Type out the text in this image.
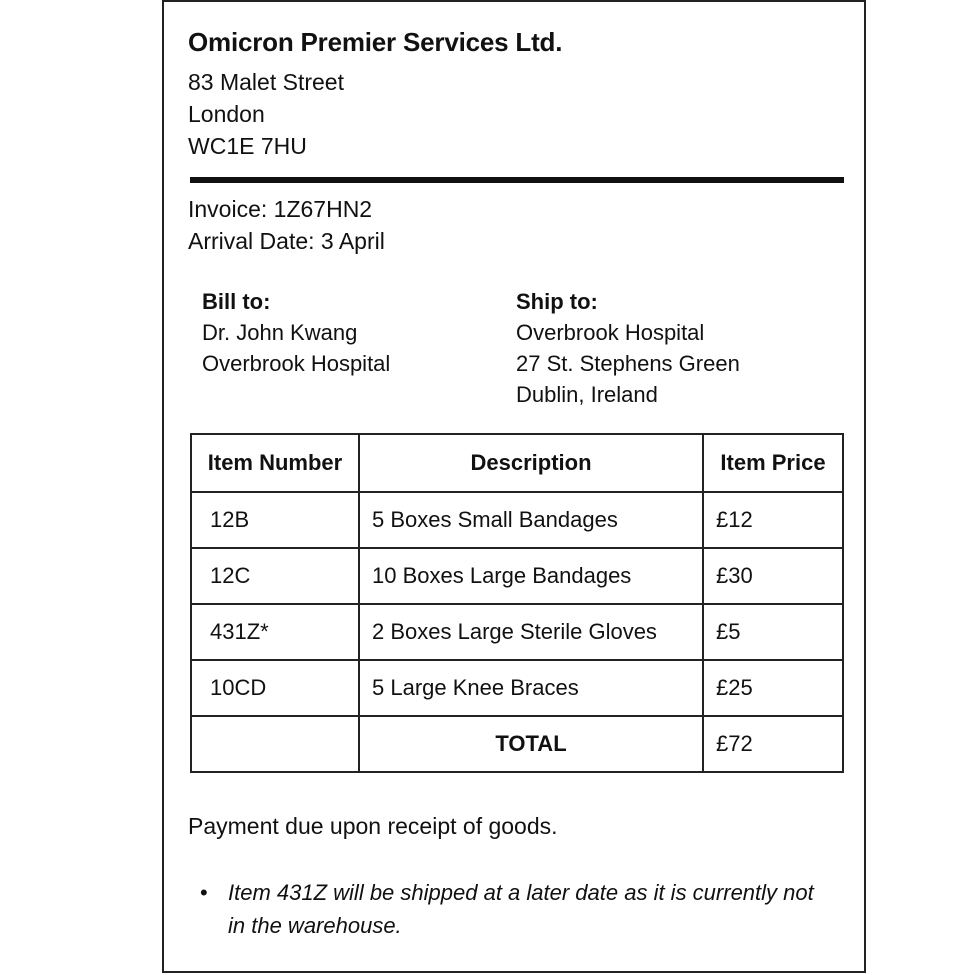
Omicron Premier Services Ltd.
83 Malet Street
London
WC1E 7HU
Invoice: 1Z67HN2
Arrival Date: 3 April
Bill to:
Dr. John Kwang
Overbrook Hospital
Ship to:
Overbrook Hospital
27 St. Stephens Green
Dublin, Ireland
Item Number	Description	Item Price
12B	5 Boxes Small Bandages	£12
12C	10 Boxes Large Bandages	£30
431Z*	2 Boxes Large Sterile Gloves	£5
10CD	5 Large Knee Braces	£25
	TOTAL	£72
Payment due upon receipt of goods.
• Item 431Z will be shipped at a later date as it is currently not in the warehouse.
